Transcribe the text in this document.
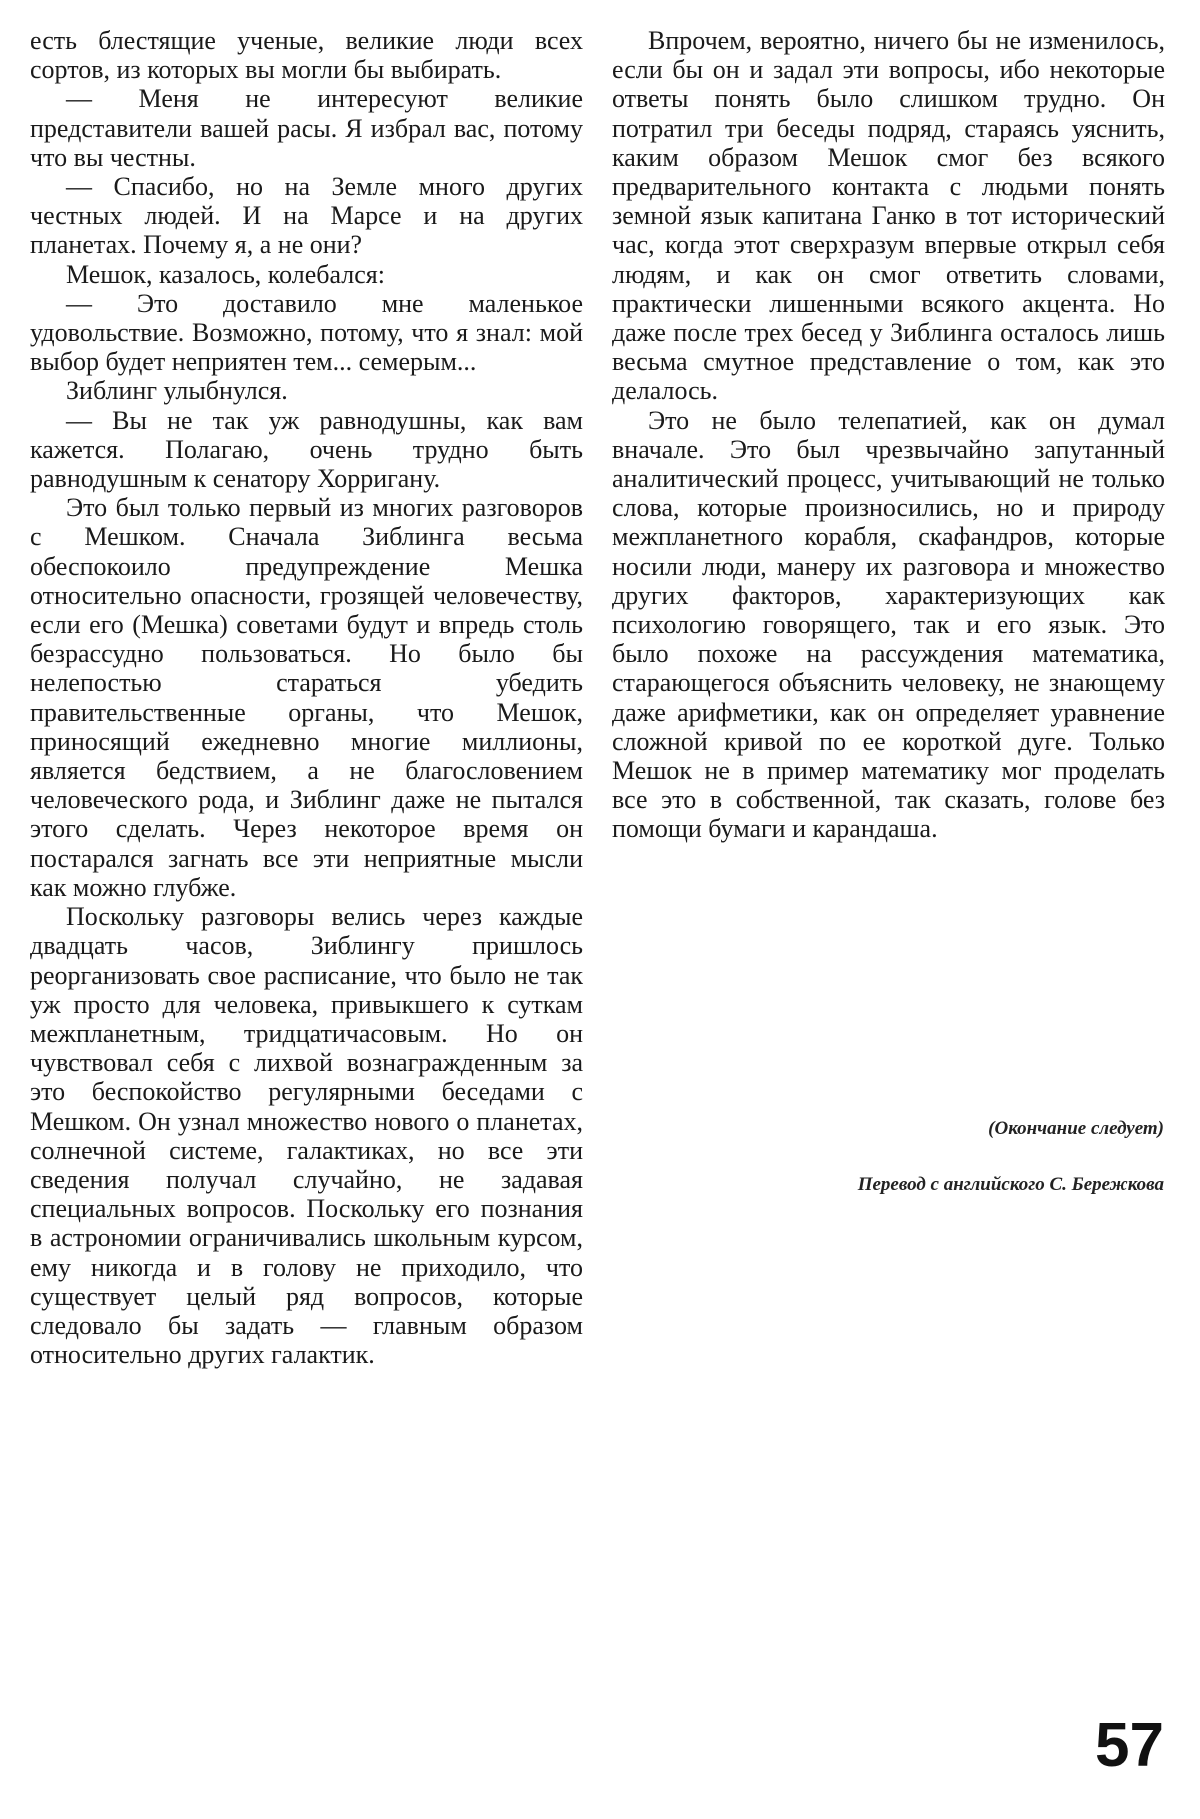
есть блестящие ученые, великие люди всех сортов, из которых вы могли бы выбирать.

— Меня не интересуют великие представители вашей расы. Я избрал вас, потому что вы честны.

— Спасибо, но на Земле много других честных людей. И на Марсе и на других планетах. Почему я, а не они?

Мешок, казалось, колебался:

— Это доставило мне маленькое удовольствие. Возможно, потому, что я знал: мой выбор будет неприятен тем... семерым...

Зиблинг улыбнулся.

— Вы не так уж равнодушны, как вам кажется. Полагаю, очень трудно быть равнодушным к сенатору Хорригану.

Это был только первый из многих разговоров с Мешком. Сначала Зиблинга весьма обеспокоило предупреждение Мешка относительно опасности, грозящей человечеству, если его (Мешка) советами будут и впредь столь безрассудно пользоваться. Но было бы нелепостью стараться убедить правительственные органы, что Мешок, приносящий ежедневно многие миллионы, является бедствием, а не благословением человеческого рода, и Зиблинг даже не пытался этого сделать. Через некоторое время он постарался загнать все эти неприятные мысли как можно глубже.

Поскольку разговоры велись через каждые двадцать часов, Зиблингу пришлось реорганизовать свое расписание, что было не так уж просто для человека, привыкшего к суткам межпланетным, тридцатичасовым. Но он чувствовал себя с лихвой вознагражденным за это беспокойство регулярными беседами с Мешком. Он узнал множество нового о планетах, солнечной системе, галактиках, но все эти сведения получал случайно, не задавая специальных вопросов. Поскольку его познания в астрономии ограничивались школьным курсом, ему никогда и в голову не приходило, что существует целый ряд вопросов, которые следовало бы задать — главным образом относительно других галактик.

Впрочем, вероятно, ничего бы не изменилось, если бы он и задал эти вопросы, ибо некоторые ответы понять было слишком трудно. Он потратил три беседы подряд, стараясь уяснить, каким образом Мешок смог без всякого предварительного контакта с людьми понять земной язык капитана Ганко в тот исторический час, когда этот сверхразум впервые открыл себя людям, и как он смог ответить словами, практически лишенными всякого акцента. Но даже после трех бесед у Зиблинга осталось лишь весьма смутное представление о том, как это делалось.

Это не было телепатией, как он думал вначале. Это был чрезвычайно запутанный аналитический процесс, учитывающий не только слова, которые произносились, но и природу межпланетного корабля, скафандров, которые носили люди, манеру их разговора и множество других факторов, характеризующих как психологию говорящего, так и его язык. Это было похоже на рассуждения математика, старающегося объяснить человеку, не знающему даже арифметики, как он определяет уравнение сложной кривой по ее короткой дуге. Только Мешок не в пример математику мог проделать все это в собственной, так сказать, голове без помощи бумаги и карандаша.

(Окончание следует)
Перевод с английского С. Бережкова
57
